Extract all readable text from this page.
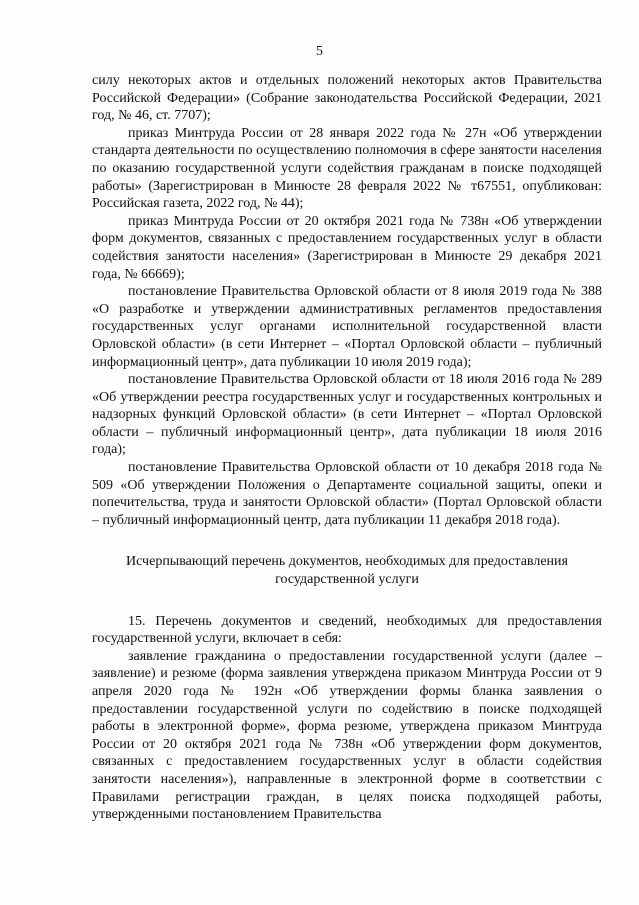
5

силу некоторых актов и отдельных положений некоторых актов Правительства Российской Федерации» (Собрание законодательства Российской Федерации, 2021 год, № 46, ст. 7707);

приказ Минтруда России от 28 января 2022 года № 27н «Об утверждении стандарта деятельности по осуществлению полномочия в сфере занятости населения по оказанию государственной услуги содействия гражданам в поиске подходящей работы» (Зарегистрирован в Минюсте 28 февраля 2022 № т67551, опубликован: Российская газета, 2022 год, № 44);

приказ Минтруда России от 20 октября 2021 года № 738н «Об утверждении форм документов, связанных с предоставлением государственных услуг в области содействия занятости населения» (Зарегистрирован в Минюсте 29 декабря 2021 года, № 66669);

постановление Правительства Орловской области от 8 июля 2019 года № 388 «О разработке и утверждении административных регламентов предоставления государственных услуг органами исполнительной государственной власти Орловской области» (в сети Интернет – «Портал Орловской области – публичный информационный центр», дата публикации 10 июля 2019 года);

постановление Правительства Орловской области от 18 июля 2016 года № 289 «Об утверждении реестра государственных услуг и государственных контрольных и надзорных функций Орловской области» (в сети Интернет – «Портал Орловской области – публичный информационный центр», дата публикации 18 июля 2016 года);

постановление Правительства Орловской области от 10 декабря 2018 года № 509 «Об утверждении Положения о Департаменте социальной защиты, опеки и попечительства, труда и занятости Орловской области» (Портал Орловской области – публичный информационный центр, дата публикации 11 декабря 2018 года).

Исчерпывающий перечень документов, необходимых для предоставления государственной услуги

15. Перечень документов и сведений, необходимых для предоставления государственной услуги, включает в себя:

заявление гражданина о предоставлении государственной услуги (далее – заявление) и резюме (форма заявления утверждена приказом Минтруда России от 9 апреля 2020 года № 192н «Об утверждении формы бланка заявления о предоставлении государственной услуги по содействию в поиске подходящей работы в электронной форме», форма резюме, утверждена приказом Минтруда России от 20 октября 2021 года № 738н «Об утверждении форм документов, связанных с предоставлением государственных услуг в области содействия занятости населения»), направленные в электронной форме в соответствии с Правилами регистрации граждан, в целях поиска подходящей работы, утвержденными постановлением Правительства
